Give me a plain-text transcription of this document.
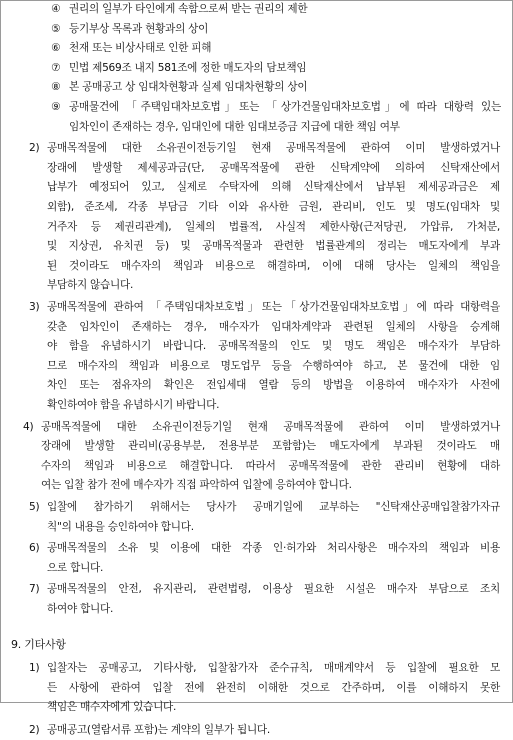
④ 권리의 일부가 타인에게 속함으로써 받는 권리의 제한
⑤ 등기부상 목록과 현황과의 상이
⑥ 천재 또는 비상사태로 인한 피해
⑦ 민법 제569조 내지 581조에 정한 매도자의 담보책임
⑧ 본 공매공고 상 임대차현황과 실제 임대차현황의 상이
⑨ 공매물건에 「주택임대차보호법」또는 「상가건물임대차보호법」에 따라 대항력 있는
임차인이 존재하는 경우, 임대인에 대한 임대보증금 지급에 대한 책임 여부
2) 공매목적물에 대한 소유권이전등기일 현재 공매목적물에 관하여 이미 발생하였거나
장래에 발생할 제세공과금(단, 공매목적물에 관한 신탁계약에 의하여 신탁재산에서
납부가 예정되어 있고, 실제로 수탁자에 의해 신탁재산에서 납부된 제세공과금은 제
외함), 준조세, 각종 부담금 기타 이와 유사한 금원, 관리비, 인도 및 명도(임대차 및
거주자 등 제권리관계), 일체의 법률적, 사실적 제한사항(근저당권, 가압류, 가처분,
및 지상권, 유치권 등) 및 공매목적물과 관련한 법률관계의 정리는 매도자에게 부과
된 것이라도 매수자의 책임과 비용으로 해결하며, 이에 대해 당사는 일체의 책임을
부담하지 않습니다.
3) 공매목적물에 관하여 「주택임대차보호법」또는「상가건물임대차보호법」에 따라 대항력을
갖춘 임차인이 존재하는 경우, 매수자가 임대차계약과 관련된 일체의 사항을 승계해
야 함을 유념하시기 바랍니다. 공매목적물의 인도 및 명도 책임은 매수자가 부담하
므로 매수자의 책임과 비용으로 명도업무 등을 수행하여야 하고, 본 물건에 대한 임
차인 또는 점유자의 확인은 전입세대 열람 등의 방법을 이용하여 매수자가 사전에
확인하여야 함을 유념하시기 바랍니다.
4) 공매목적물에 대한 소유권이전등기일 현재 공매목적물에 관하여 이미 발생하였거나
장래에 발생할 관리비(공용부분, 전용부분 포함함)는 매도자에게 부과된 것이라도 매
수자의 책임과 비용으로 해결합니다. 따라서 공매목적물에 관한 관리비 현황에 대하
여는 입찰 참가 전에 매수자가 직접 파악하여 입찰에 응하여야 합니다.
5) 입찰에 참가하기 위해서는 당사가 공매기일에 교부하는 "신탁재산공매입찰참가자규
칙"의 내용을 승인하여야 합니다.
6) 공매목적물의 소유 및 이용에 대한 각종 인·허가와 처리사항은 매수자의 책임과 비용
으로 합니다.
7) 공매목적물의 안전, 유지관리, 관련법령, 이용상 필요한 시설은 매수자 부담으로 조치
하여야 합니다.
9. 기타사항
1) 입찰자는 공매공고, 기타사항, 입찰참가자 준수규칙, 매매계약서 등 입찰에 필요한 모
든 사항에 관하여 입찰 전에 완전히 이해한 것으로 간주하며, 이를 이해하지 못한
책임은 매수자에게 있습니다.
2) 공매공고(열람서류 포함)는 계약의 일부가 됩니다.
